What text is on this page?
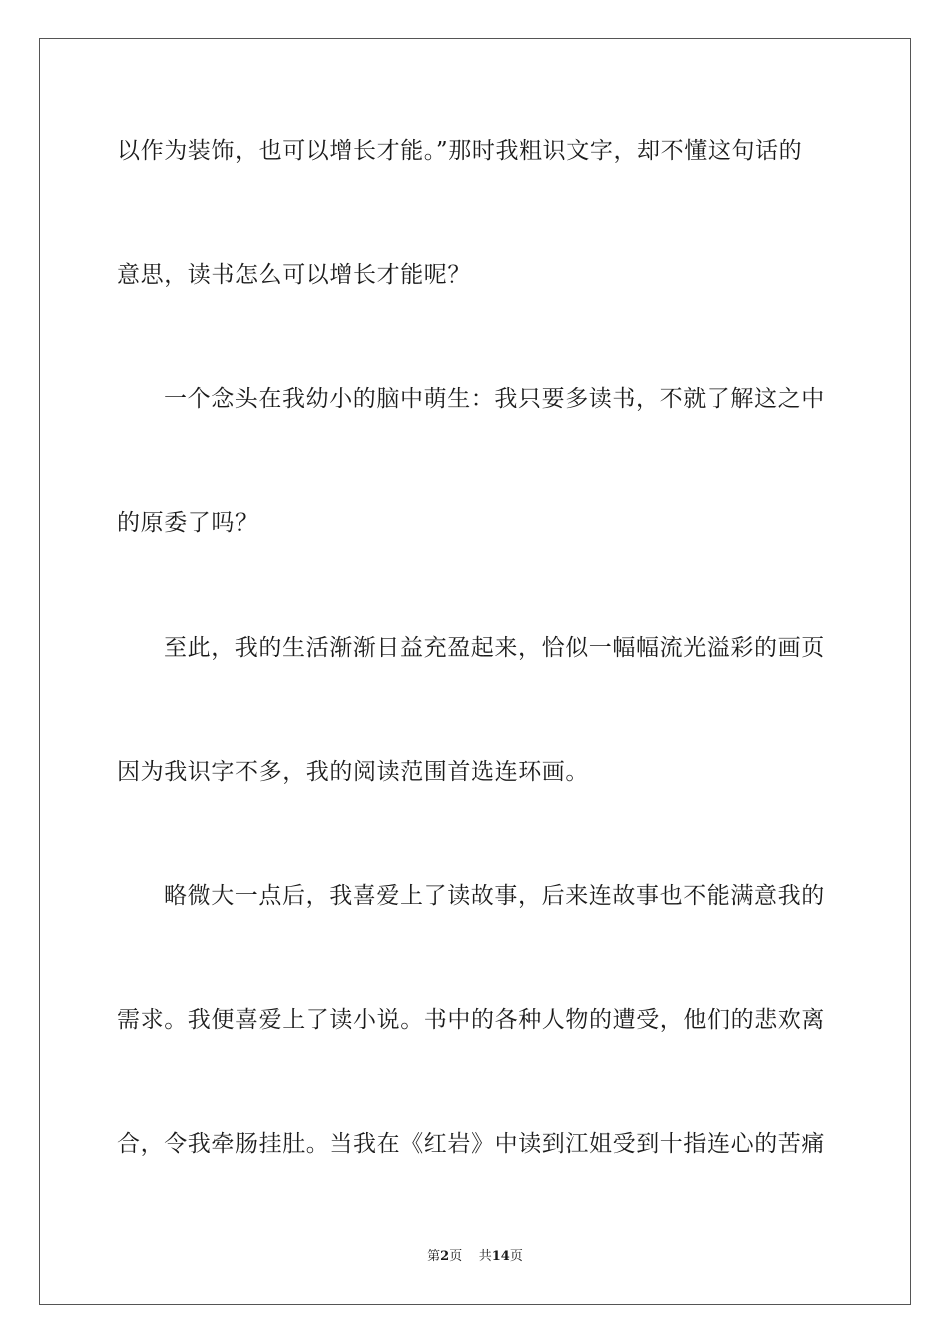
以作为装饰，也可以增长才能。”那时我粗识文字，却不懂这句话的
意思，读书怎么可以增长才能呢？
一个念头在我幼小的脑中萌生：我只要多读书，不就了解这之中
的原委了吗？
至此，我的生活渐渐日益充盈起来，恰似一幅幅流光溢彩的画页
因为我识字不多，我的阅读范围首选连环画。
略微大一点后，我喜爱上了读故事，后来连故事也不能满意我的
需求。我便喜爱上了读小说。书中的各种人物的遭受，他们的悲欢离
合，令我牵肠挂肚。当我在《红岩》中读到江姐受到十指连心的苦痛
第2页 共14页
